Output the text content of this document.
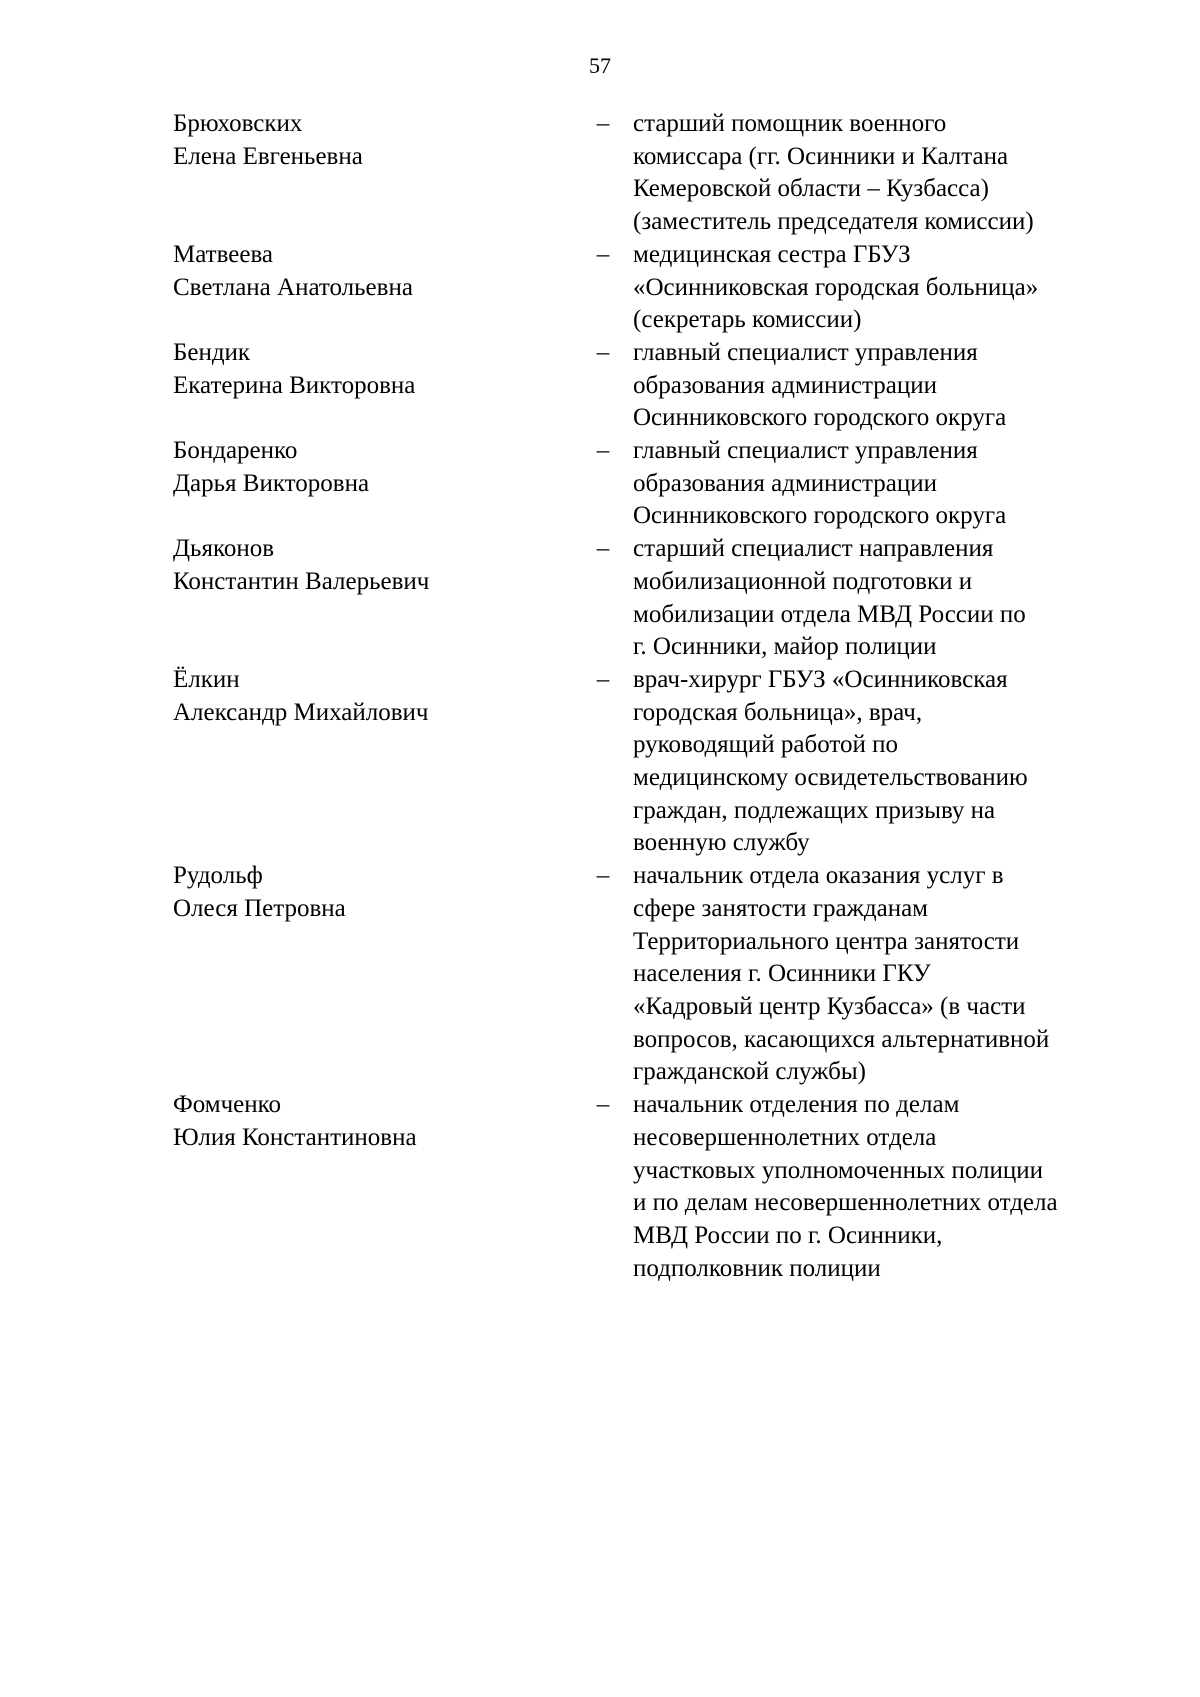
57
Брюховских
Елена Евгеньевна
– старший помощник военного
комиссара (гг. Осинники и Калтана
Кемеровской области – Кузбасса)
(заместитель председателя комиссии)
Матвеева
Светлана Анатольевна
– медицинская сестра ГБУЗ
«Осинниковская городская больница»
(секретарь комиссии)
Бендик
Екатерина Викторовна
– главный специалист управления
образования администрации
Осинниковского городского округа
Бондаренко
Дарья Викторовна
– главный специалист управления
образования администрации
Осинниковского городского округа
Дьяконов
Константин Валерьевич
– старший специалист направления
мобилизационной подготовки и
мобилизации отдела МВД России по
г. Осинники, майор полиции
Ёлкин
Александр Михайлович
– врач-хирург ГБУЗ «Осинниковская
городская больница», врач,
руководящий работой по
медицинскому освидетельствованию
граждан, подлежащих призыву на
военную службу
Рудольф
Олеся Петровна
– начальник отдела оказания услуг в
сфере занятости гражданам
Территориального центра занятости
населения г. Осинники ГКУ
«Кадровый центр Кузбасса» (в части
вопросов, касающихся альтернативной
гражданской службы)
Фомченко
Юлия Константиновна
– начальник отделения по делам
несовершеннолетних отдела
участковых уполномоченных полиции
и по делам несовершеннолетних отдела
МВД России по г. Осинники,
подполковник полиции
